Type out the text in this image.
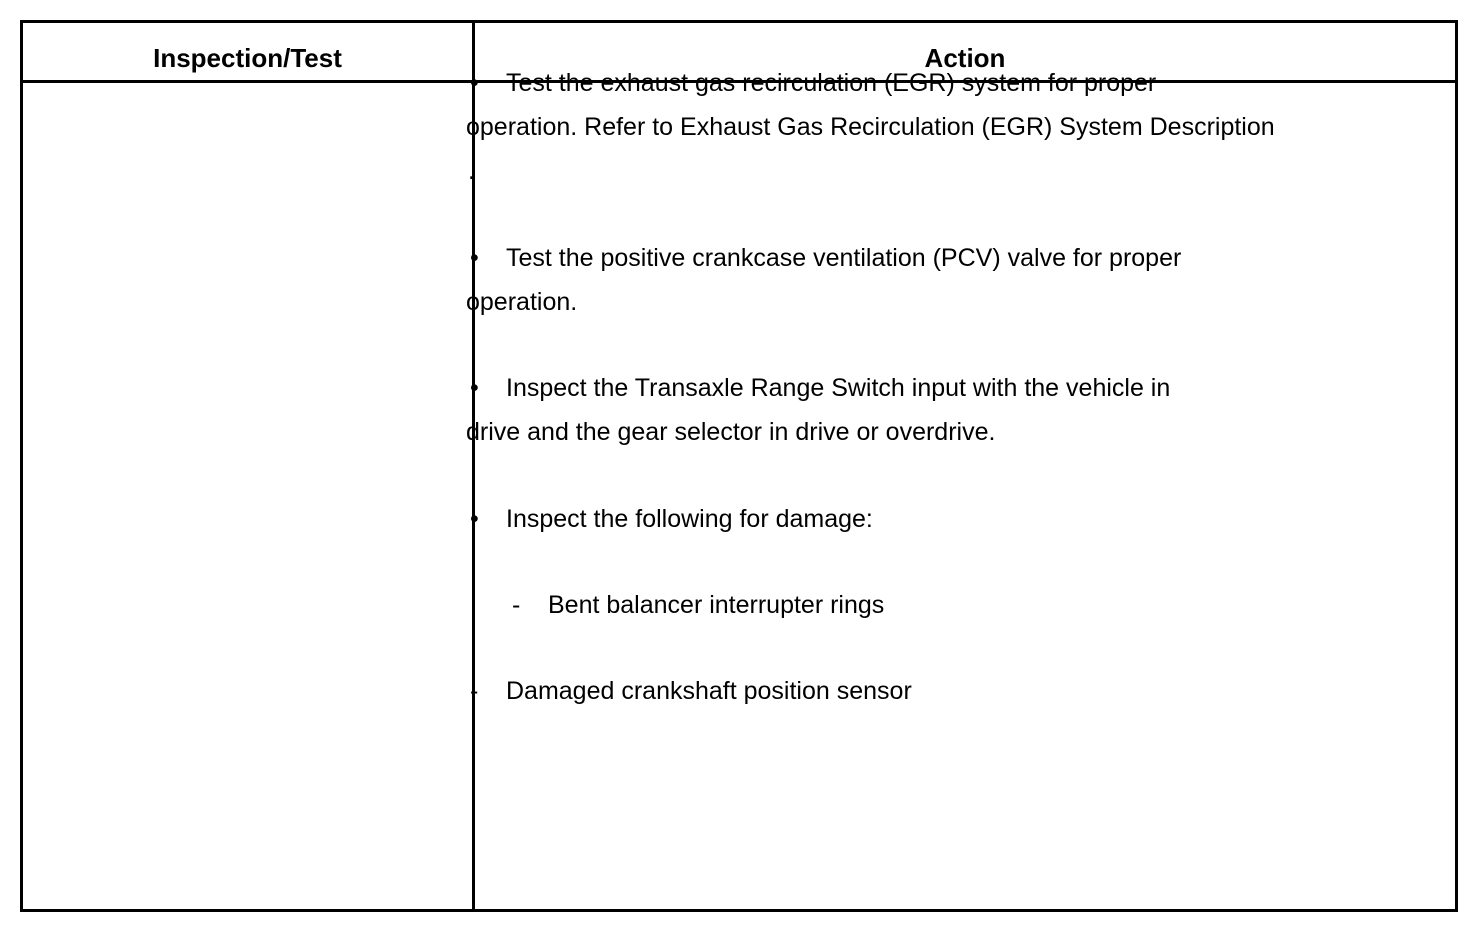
Inspection/Test	Action
• Test the exhaust gas recirculation (EGR) system for proper
operation. Refer to Exhaust Gas Recirculation (EGR) System Description
.
• Test the positive crankcase ventilation (PCV) valve for proper
operation.
• Inspect the Transaxle Range Switch input with the vehicle in
drive and the gear selector in drive or overdrive.
• Inspect the following for damage:
- Bent balancer interrupter rings
- Damaged crankshaft position sensor
